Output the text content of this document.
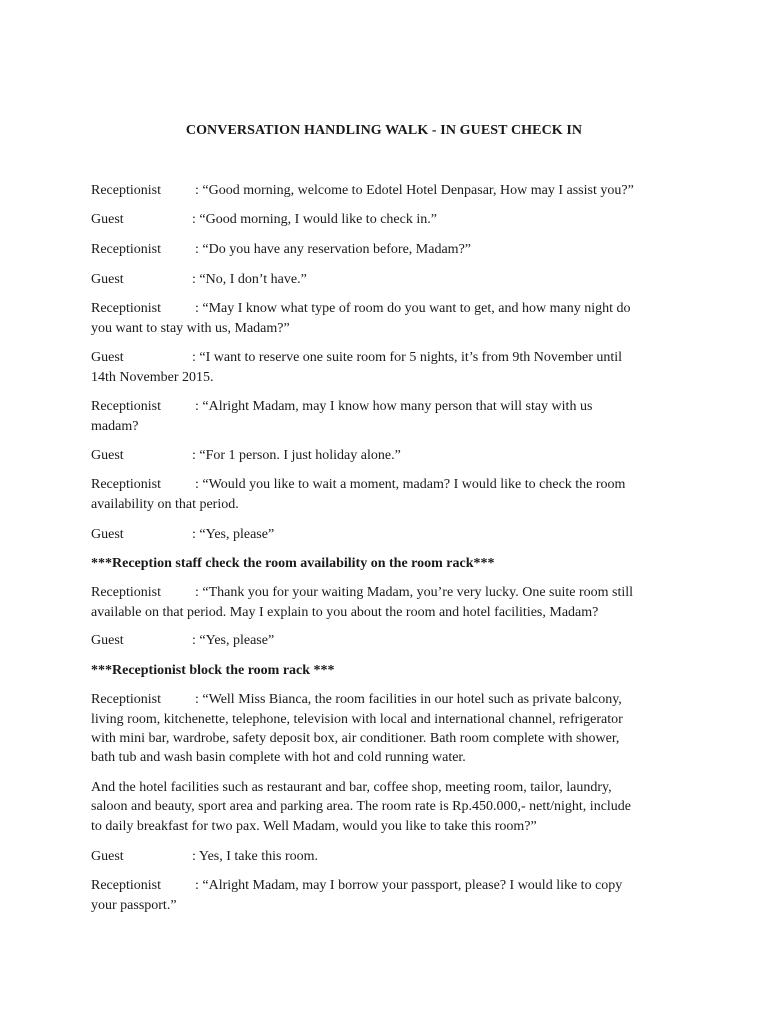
CONVERSATION HANDLING WALK - IN GUEST CHECK IN
Receptionist : “Good morning, welcome to Edotel Hotel Denpasar, How may I assist you?”
Guest	: “Good morning, I would like to check in.”
Receptionist : “Do you have any reservation before, Madam?”
Guest	: “No, I don’t have.”
Receptionist : “May I know what type of room do you want to get, and how many night do
you want to stay with us, Madam?”
Guest	: “I want to reserve one suite room for 5 nights, it’s from 9th November until
14th November 2015.
Receptionist : “Alright Madam, may I know how many person that will stay with us
madam?
Guest	: “For 1 person. I just holiday alone.”
Receptionist : “Would you like to wait a moment, madam? I would like to check the room
availability on that period.
Guest	: “Yes, please”
***Reception staff check the room availability on the room rack***
Receptionist : “Thank you for your waiting Madam, you’re very lucky. One suite room still
available on that period. May I explain to you about the room and hotel facilities, Madam?
Guest	: “Yes, please”
***Receptionist block the room rack ***
Receptionist : “Well Miss Bianca, the room facilities in our hotel such as private balcony,
living room, kitchenette, telephone, television with local and international channel, refrigerator
with mini bar, wardrobe, safety deposit box, air conditioner. Bath room complete with shower,
bath tub and wash basin complete with hot and cold running water.
And the hotel facilities such as restaurant and bar, coffee shop, meeting room, tailor, laundry,
saloon and beauty, sport area and parking area. The room rate is Rp.450.000,- nett/night, include
to daily breakfast for two pax. Well Madam, would you like to take this room?”
Guest	: Yes, I take this room.
Receptionist : “Alright Madam, may I borrow your passport, please? I would like to copy
your passport.”
